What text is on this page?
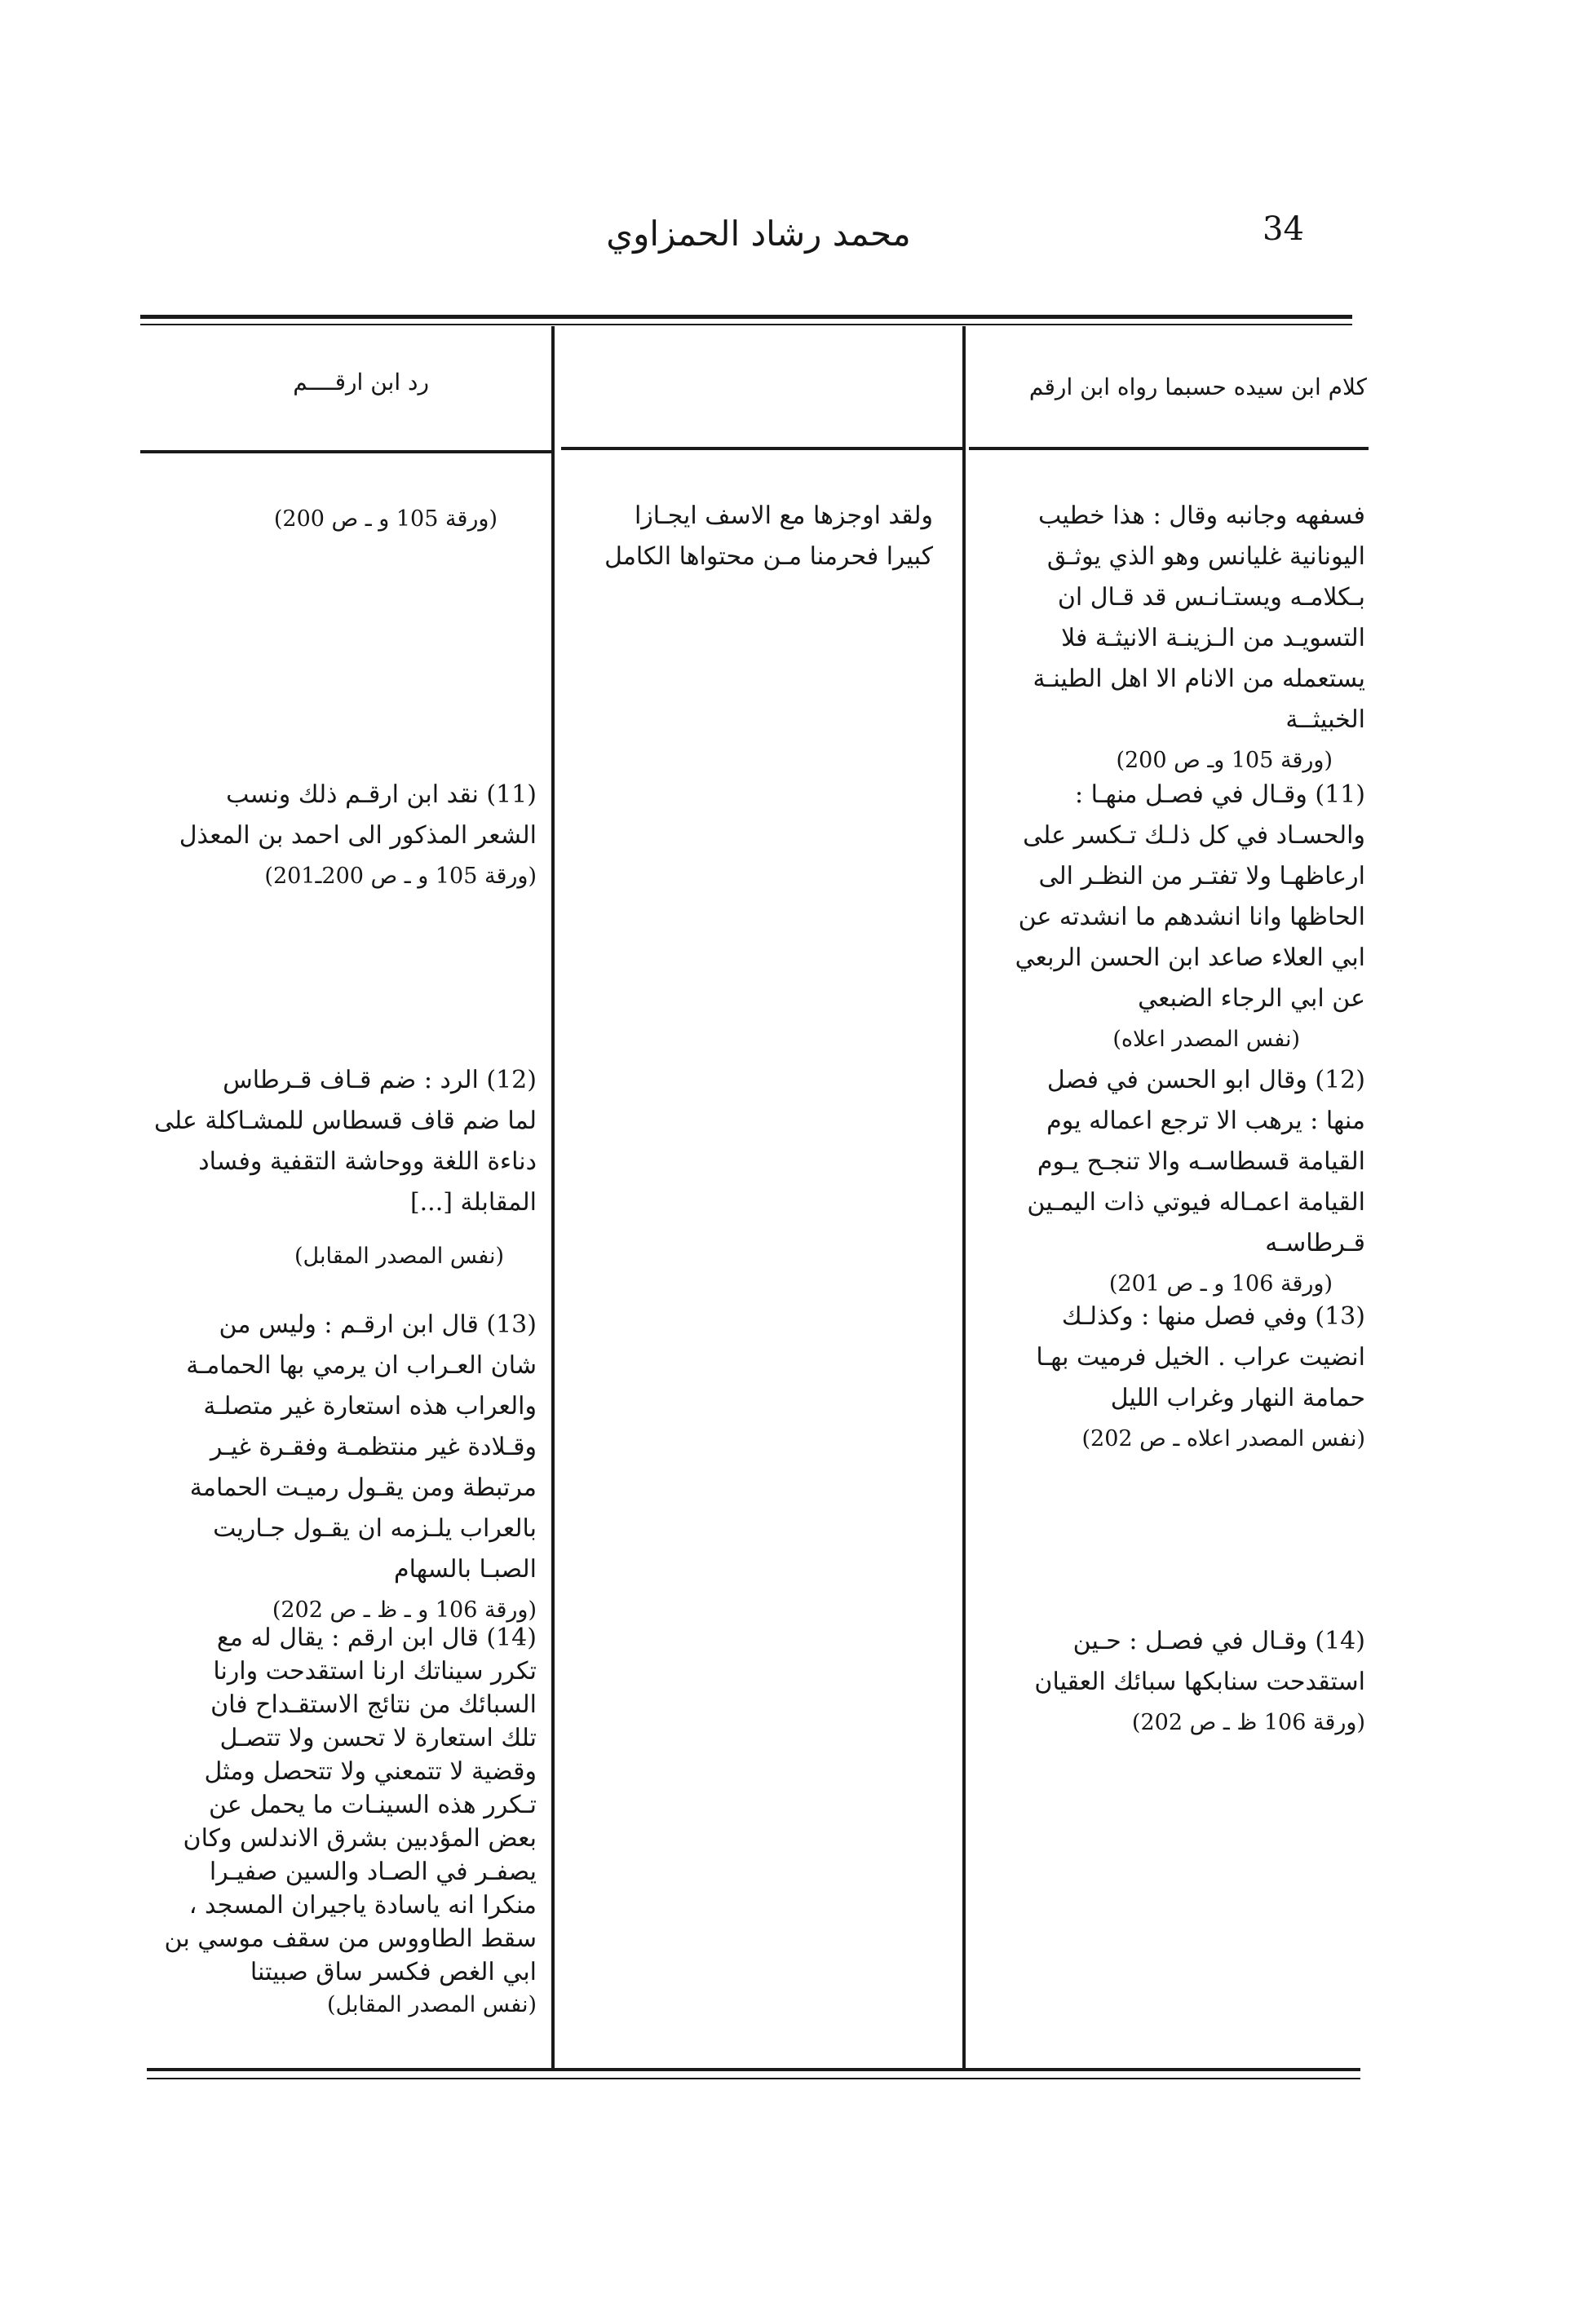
محمد رشاد الحمزاوي	34
كلام ابن سيده حسبما رواه ابن ارقم
رد ابن ارقــــم

فسفهه وجانبه وقال : هذا خطيب

اليونانية غليانس وهو الذي يوثـق

بـكلامـه ويستـانـس قد قـال ان

التسويـد من الـزينـة الانيثـة فلا

يستعمله من الانام الا اهل الطينـة

الخبيثــة

(ورقة 105 وـ ص 200)

ولقد اوجزها مع الاسف ايجـازا

كبيرا فحرمنا مـن محتواها الكامل

(ورقة 105 و ـ ص 200)

(11) وقـال في فصـل منهـا :

والحسـاد في كل ذلـك تـكسر على

ارعاظهـا ولا تفتـر من النظـر الى

الحاظها وانا انشدهم ما انشدته عن

ابي العلاء صاعد ابن الحسن الربعي

عن ابي الرجاء الضبعي

(نفس المصدر اعلاه)

(11) نقد ابن ارقـم ذلك ونسب

الشعر المذكور الى احمد بن المعذل

(ورقة 105 و ـ ص 200ـ201)

(12) وقال ابو الحسن في فصل

منها : يرهب الا ترجع اعماله يوم

القيامة قسطاسـه والا تنجـح يـوم

القيامة اعمـاله فيوتي ذات اليمـين

قـرطاسـه

(ورقة 106 و ـ ص 201)

(12) الرد : ضم قـاف قـرطاس

لما ضم قاف قسطاس للمشـاكلة على

دناءة اللغة ووحاشة التقفية وفساد

المقابلة [...]

(نفس المصدر المقابل)

(13) وفي فصل منها : وكذلـك

انضيت عراب . الخيل فرميت بهـا

حمامة النهار وغراب الليل

(نفس المصدر اعلاه ـ ص 202)

(13) قال ابن ارقـم : وليس من

شان العـراب ان يرمي بها الحمامـة

والعراب هذه استعارة غير متصلـة

وقـلادة غير منتظمـة وفقـرة غيـر

مرتبطة ومن يقـول رميـت الحمامة

بالعراب يلـزمه ان يقـول جـاريت

الصبـا بالسهام

(ورقة 106 و ـ ظ ـ ص 202)

(14) وقـال في فصـل : حـين

استقدحت سنابكها سبائك العقيان

(ورقة 106 ظ ـ ص 202)

(14) قال ابن ارقم : يقال له مع

تكرر سيناتك ارنا استقدحت وارنا

السبائك من نتائج الاستقـداح فان

تلك استعارة لا تحسن ولا تتصـل

وقضية لا تتمعني ولا تتحصل ومثل

تـكرر هذه السينـات ما يحمل عن

بعض المؤدبين بشرق الاندلس وكان

يصفـر في الصـاد والسين صفيـرا

منكرا انه ياسادة ياجيران المسجد ،

سقط الطاووس من سقف موسي بن

ابي الغص فكسر ساق صبيتنا

(نفس المصدر المقابل)
